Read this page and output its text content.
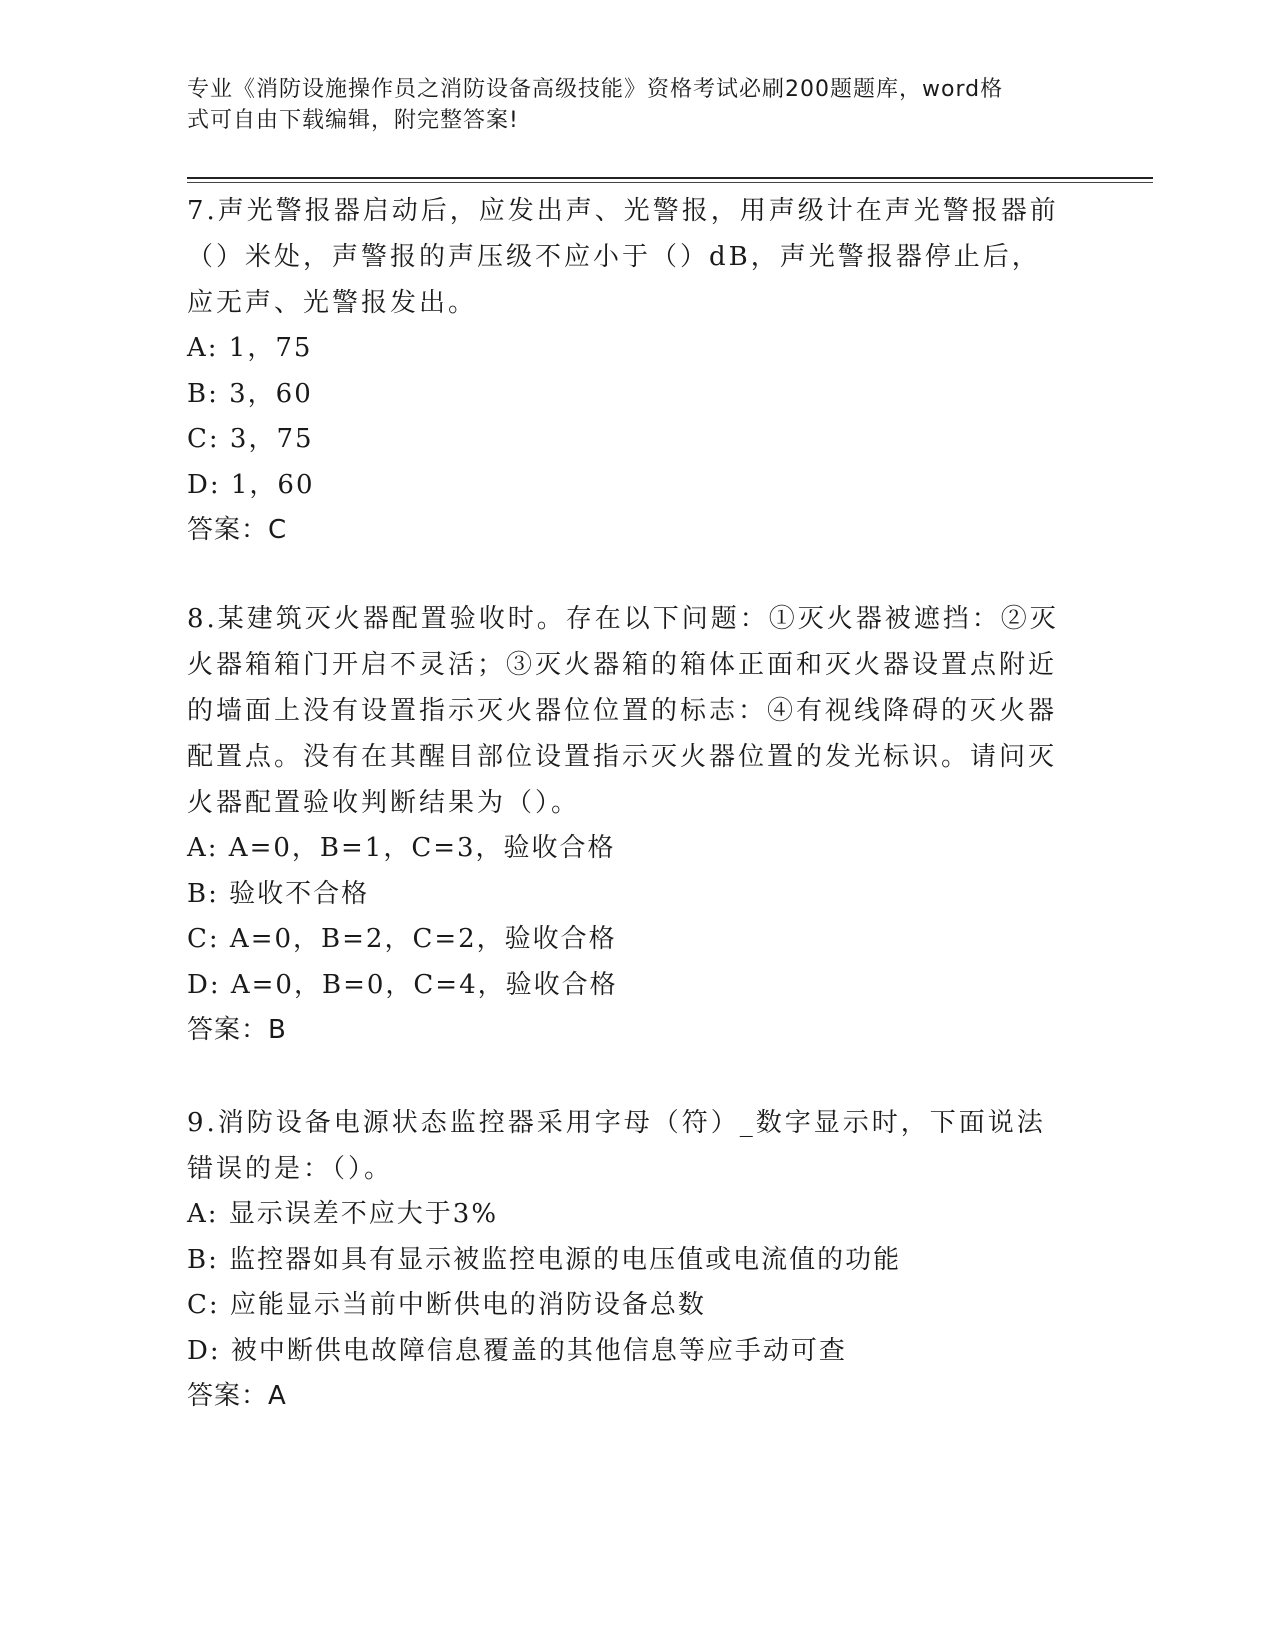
专业《消防设施操作员之消防设备高级技能》资格考试必刷200题题库，word格
式可自由下载编辑，附完整答案!

7.声光警报器启动后，应发出声、光警报，用声级计在声光警报器前（）米处，声警报的声压级不应小于（）dB，声光警报器停止后，应无声、光警报发出。

A: 1，75
B: 3，60
C: 3，75
D: 1，60
答案：C

8.某建筑灭火器配置验收时。存在以下问题：①灭火器被遮挡：②灭火器箱箱门开启不灵活；③灭火器箱的箱体正面和灭火器设置点附近的墙面上没有设置指示灭火器位位置的标志：④有视线降碍的灭火器配置点。没有在其醒目部位设置指示灭火器位置的发光标识。请问灭火器配置验收判断结果为（）。

A: A=0，B=1，C=3，验收合格
B: 验收不合格
C: A=0，B=2，C=2，验收合格
D: A=0，B=0，C=4，验收合格
答案：B

9.消防设备电源状态监控器采用字母（符）_数字显示时，下面说法错误的是：（）。

A: 显示误差不应大于3%
B: 监控器如具有显示被监控电源的电压值或电流值的功能
C: 应能显示当前中断供电的消防设备总数
D: 被中断供电故障信息覆盖的其他信息等应手动可查
答案：A
